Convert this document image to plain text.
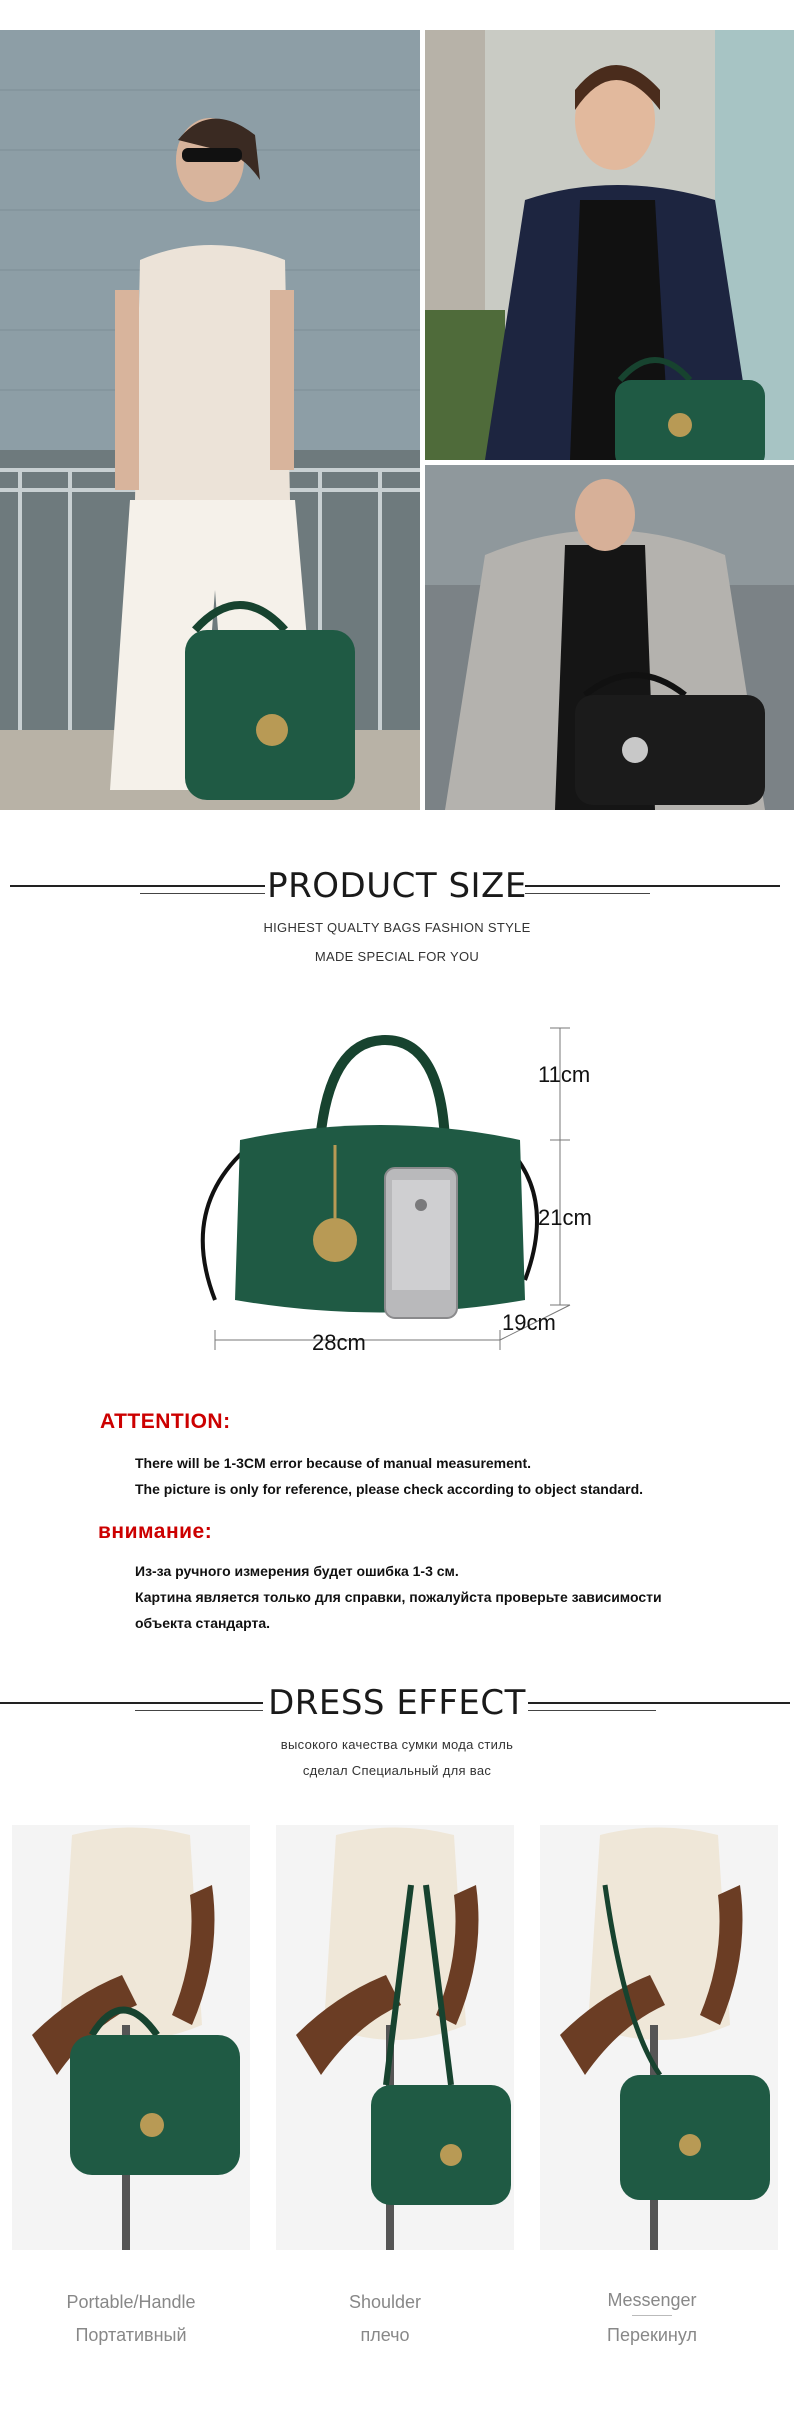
PRODUCT SIZE
HIGHEST QUALTY BAGS FASHION STYLE
MADE SPECIAL FOR YOU
11cm
21cm
19cm
28cm
ATTENTION:
There will be 1-3CM error because of manual measurement.
The picture is only for reference, please check according to object standard.
внимание:
Из-за ручного измерения будет ошибка 1-3 см.
Картина является только для справки, пожалуйста проверьте зависимости
объекта стандарта.
DRESS EFFECT
высокого качества сумки мода стиль
сделал Специальный для вас
Portable/Handle
Портативный
Shoulder
плечо
Messenger
Перекинул
